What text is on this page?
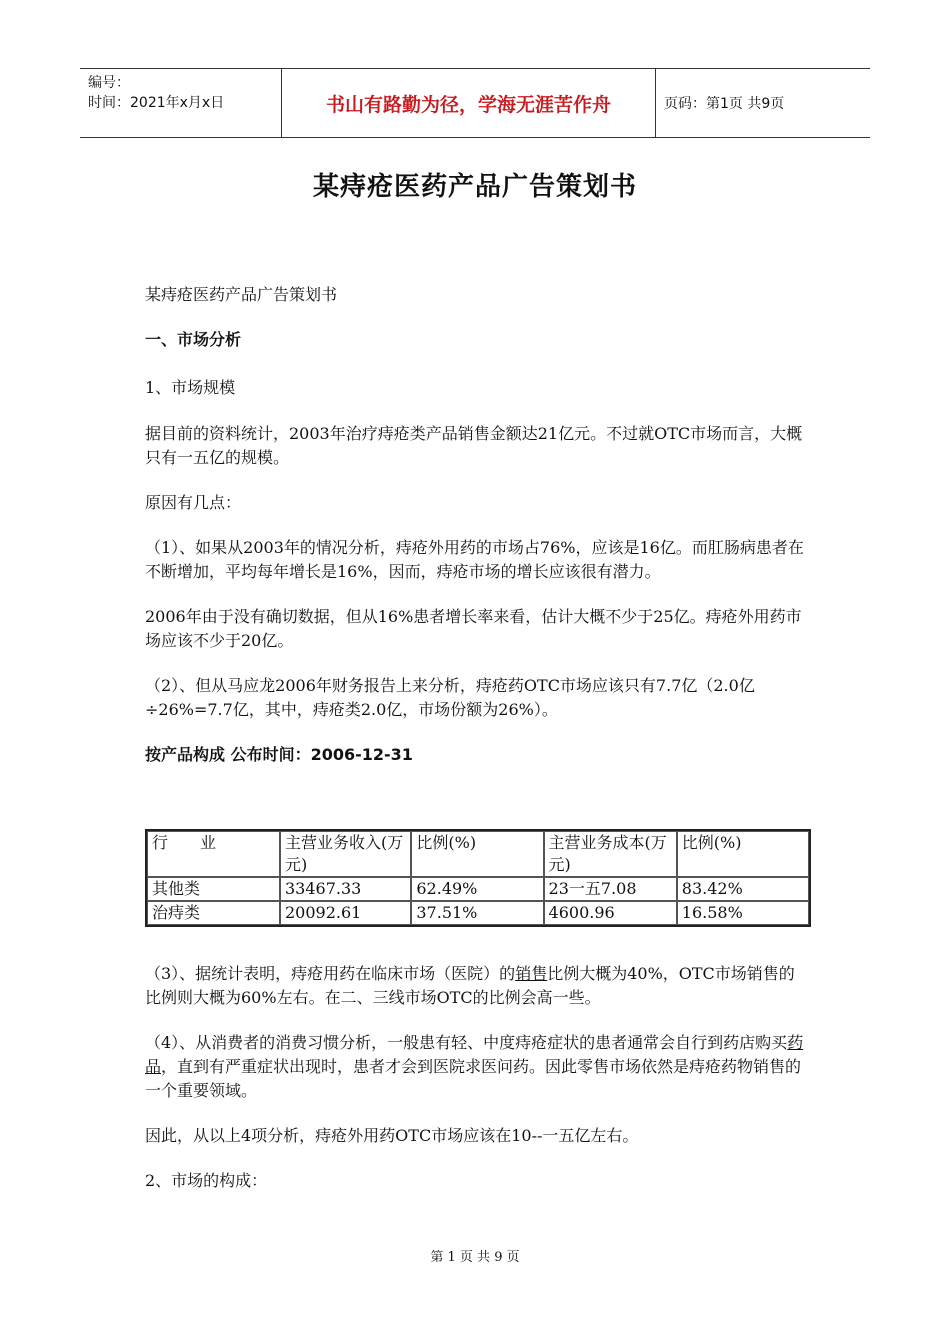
编号：
时间：2021年x月x日	书山有路勤为径，学海无涯苦作舟	页码：第1页 共9页
某痔疮医药产品广告策划书

某痔疮医药产品广告策划书

一、市场分析

1、市场规模

据目前的资料统计，2003年治疗痔疮类产品销售金额达21亿元。不过就OTC市场而言，大概只有一五亿的规模。

原因有几点：

（1）、如果从2003年的情况分析，痔疮外用药的市场占76%，应该是16亿。而肛肠病患者在不断增加，平均每年增长是16%，因而，痔疮市场的增长应该很有潜力。

2006年由于没有确切数据，但从16%患者增长率来看，估计大概不少于25亿。痔疮外用药市场应该不少于20亿。

（2）、但从马应龙2006年财务报告上来分析，痔疮药OTC市场应该只有7.7亿（2.0亿÷26%=7.7亿，其中，痔疮类2.0亿，市场份额为26%）。

按产品构成 公布时间：2006-12-31

行　　业	主营业务收入(万元)	比例(%)	主营业务成本(万元)	比例(%)
其他类	33467.33	62.49%	23一五7.08	83.42%
治痔类	20092.61	37.51%	4600.96	16.58%

（3）、据统计表明，痔疮用药在临床市场（医院）的销售比例大概为40%，OTC市场销售的比例则大概为60%左右。在二、三线市场OTC的比例会高一些。

（4）、从消费者的消费习惯分析，一般患有轻、中度痔疮症状的患者通常会自行到药店购买药品，直到有严重症状出现时，患者才会到医院求医问药。因此零售市场依然是痔疮药物销售的一个重要领域。

因此，从以上4项分析，痔疮外用药OTC市场应该在10--一五亿左右。

2、市场的构成：

第 1 页 共 9 页
